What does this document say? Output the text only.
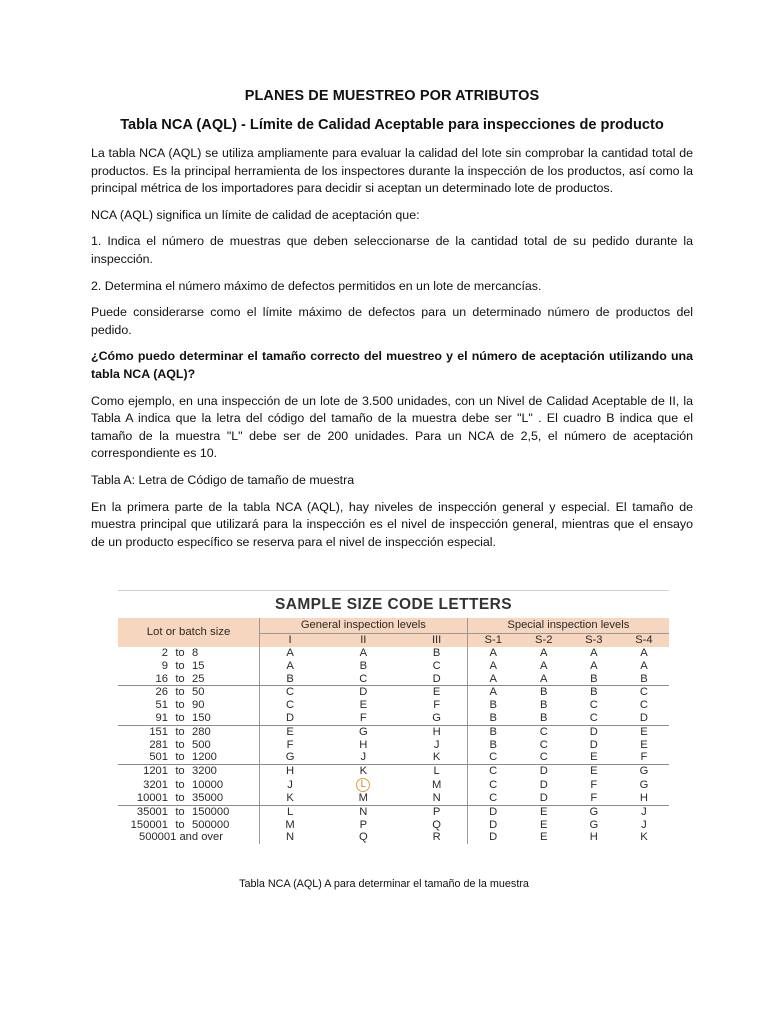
PLANES DE MUESTREO POR ATRIBUTOS
Tabla NCA (AQL) - Límite de Calidad Aceptable para inspecciones de producto

La tabla NCA (AQL) se utiliza ampliamente para evaluar la calidad del lote sin comprobar la cantidad total de productos. Es la principal herramienta de los inspectores durante la inspección de los productos, así como la principal métrica de los importadores para decidir si aceptan un determinado lote de productos.

NCA (AQL) significa un límite de calidad de aceptación que:

1. Indica el número de muestras que deben seleccionarse de la cantidad total de su pedido durante la inspección.

2. Determina el número máximo de defectos permitidos en un lote de mercancías.

Puede considerarse como el límite máximo de defectos para un determinado número de productos del pedido.

¿Cómo puedo determinar el tamaño correcto del muestreo y el número de aceptación utilizando una tabla NCA (AQL)?

Como ejemplo, en una inspección de un lote de 3.500 unidades, con un Nivel de Calidad Aceptable de II, la Tabla A indica que la letra del código del tamaño de la muestra debe ser "L" . El cuadro B indica que el tamaño de la muestra "L" debe ser de 200 unidades. Para un NCA de 2,5, el número de aceptación correspondiente es 10.

Tabla A: Letra de Código de tamaño de muestra

En la primera parte de la tabla NCA (AQL), hay niveles de inspección general y especial. El tamaño de muestra principal que utilizará para la inspección es el nivel de inspección general, mientras que el ensayo de un producto específico se reserva para el nivel de inspección especial.

SAMPLE SIZE CODE LETTERS
Lot or batch size	General inspection levels			Special inspection levels			
	I	II	III	S-1	S-2	S-3	S-4
2 to 8	A	A	B	A	A	A	A
9 to 15	A	B	C	A	A	A	A
16 to 25	B	C	D	A	A	B	B
26 to 50	C	D	E	A	B	B	C
51 to 90	C	E	F	B	B	C	C
91 to 150	D	F	G	B	B	C	D
151 to 280	E	G	H	B	C	D	E
281 to 500	F	H	J	B	C	D	E
501 to 1200	G	J	K	C	C	E	F
1201 to 3200	H	K	L	C	D	E	G
3201 to 10000	J	L	M	C	D	F	G
10001 to 35000	K	M	N	C	D	F	H
35001 to 150000	L	N	P	D	E	G	J
150001 to 500000	M	P	Q	D	E	G	J
500001 and over	N	Q	R	D	E	H	K
Tabla NCA (AQL) A para determinar el tamaño de la muestra
